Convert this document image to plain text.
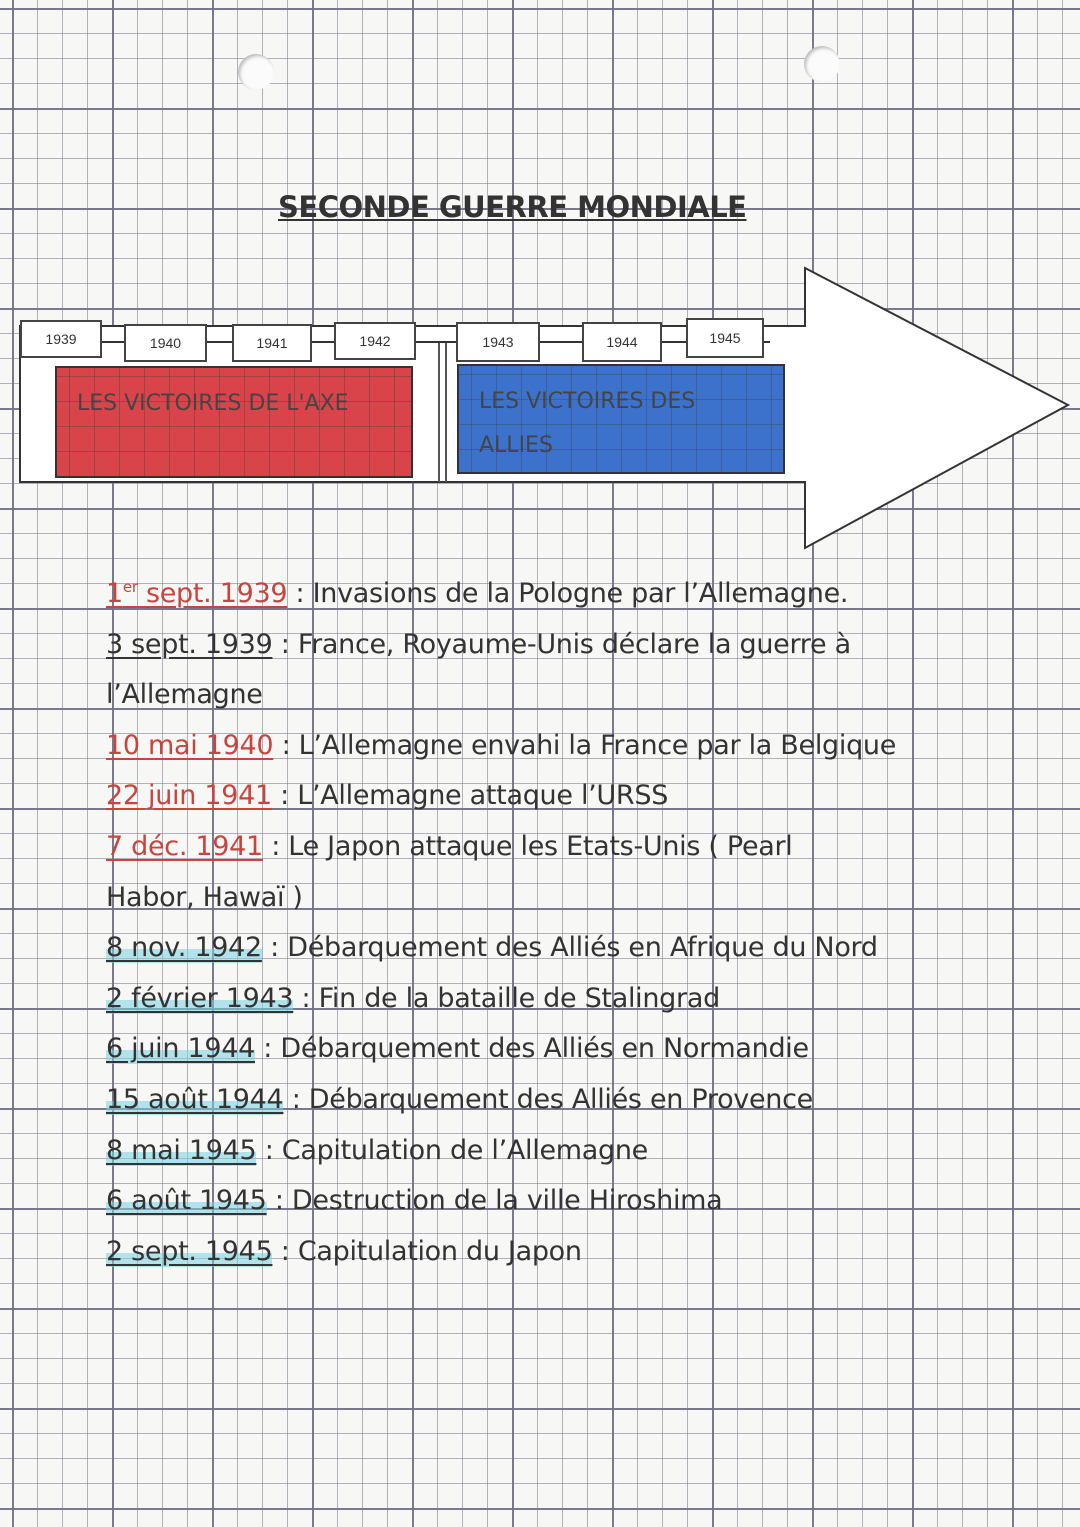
SECONDE GUERRE MONDIALE
1939	1940	1941	1942	1943	1944	1945
LES VICTOIRES DE L'AXE	LES VICTOIRES DES ALLIES
1er sept. 1939 : Invasions de la Pologne par l’Allemagne.
3 sept. 1939 : France, Royaume-Unis déclare la guerre à
l’Allemagne
10 mai 1940 : L’Allemagne envahi la France par la Belgique
22 juin 1941 : L’Allemagne attaque l’URSS
7 déc. 1941 : Le Japon attaque les Etats-Unis ( Pearl
Habor, Hawaï )
8 nov. 1942 : Débarquement des Alliés en Afrique du Nord
2 février 1943 : Fin de la bataille de Stalingrad
6 juin 1944 : Débarquement des Alliés en Normandie
15 août 1944 : Débarquement des Alliés en Provence
8 mai 1945 : Capitulation de l’Allemagne
6 août 1945 : Destruction de la ville Hiroshima
2 sept. 1945 : Capitulation du Japon
